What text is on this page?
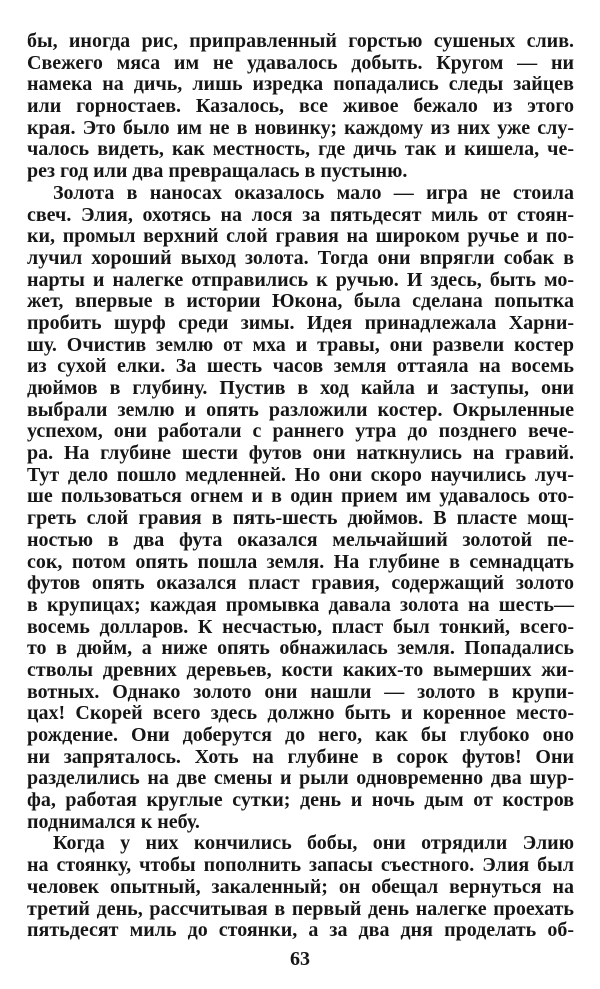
бы, иногда рис, приправленный горстью сушеных слив.
Свежего мяса им не удавалось добыть. Кругом — ни
намека на дичь, лишь изредка попадались следы зайцев
или горностаев. Казалось, все живое бежало из этого
края. Это было им не в новинку; каждому из них уже слу-
чалось видеть, как местность, где дичь так и кишела, че-
рез год или два превращалась в пустыню.
Золота в наносах оказалось мало — игра не стоила
свеч. Элия, охотясь на лося за пятьдесят миль от стоян-
ки, промыл верхний слой гравия на широком ручье и по-
лучил хороший выход золота. Тогда они впрягли собак в
нарты и налегке отправились к ручью. И здесь, быть мо-
жет, впервые в истории Юкона, была сделана попытка
пробить шурф среди зимы. Идея принадлежала Харни-
шу. Очистив землю от мха и травы, они развели костер
из сухой елки. За шесть часов земля оттаяла на восемь
дюймов в глубину. Пустив в ход кайла и заступы, они
выбрали землю и опять разложили костер. Окрыленные
успехом, они работали с раннего утра до позднего вече-
ра. На глубине шести футов они наткнулись на гравий.
Тут дело пошло медленней. Но они скоро научились луч-
ше пользоваться огнем и в один прием им удавалось ото-
греть слой гравия в пять-шесть дюймов. В пласте мощ-
ностью в два фута оказался мельчайший золотой пе-
сок, потом опять пошла земля. На глубине в семнадцать
футов опять оказался пласт гравия, содержащий золото
в крупицах; каждая промывка давала золота на шесть—
восемь долларов. К несчастью, пласт был тонкий, всего-
то в дюйм, а ниже опять обнажилась земля. Попадались
стволы древних деревьев, кости каких-то вымерших жи-
вотных. Однако золото они нашли — золото в крупи-
цах! Скорей всего здесь должно быть и коренное место-
рождение. Они доберутся до него, как бы глубоко оно
ни запряталось. Хоть на глубине в сорок футов! Они
разделились на две смены и рыли одновременно два шур-
фа, работая круглые сутки; день и ночь дым от костров
поднимался к небу.
Когда у них кончились бобы, они отрядили Элию
на стоянку, чтобы пополнить запасы съестного. Элия был
человек опытный, закаленный; он обещал вернуться на
третий день, рассчитывая в первый день налегке проехать
пятьдесят миль до стоянки, а за два дня проделать об-
63
